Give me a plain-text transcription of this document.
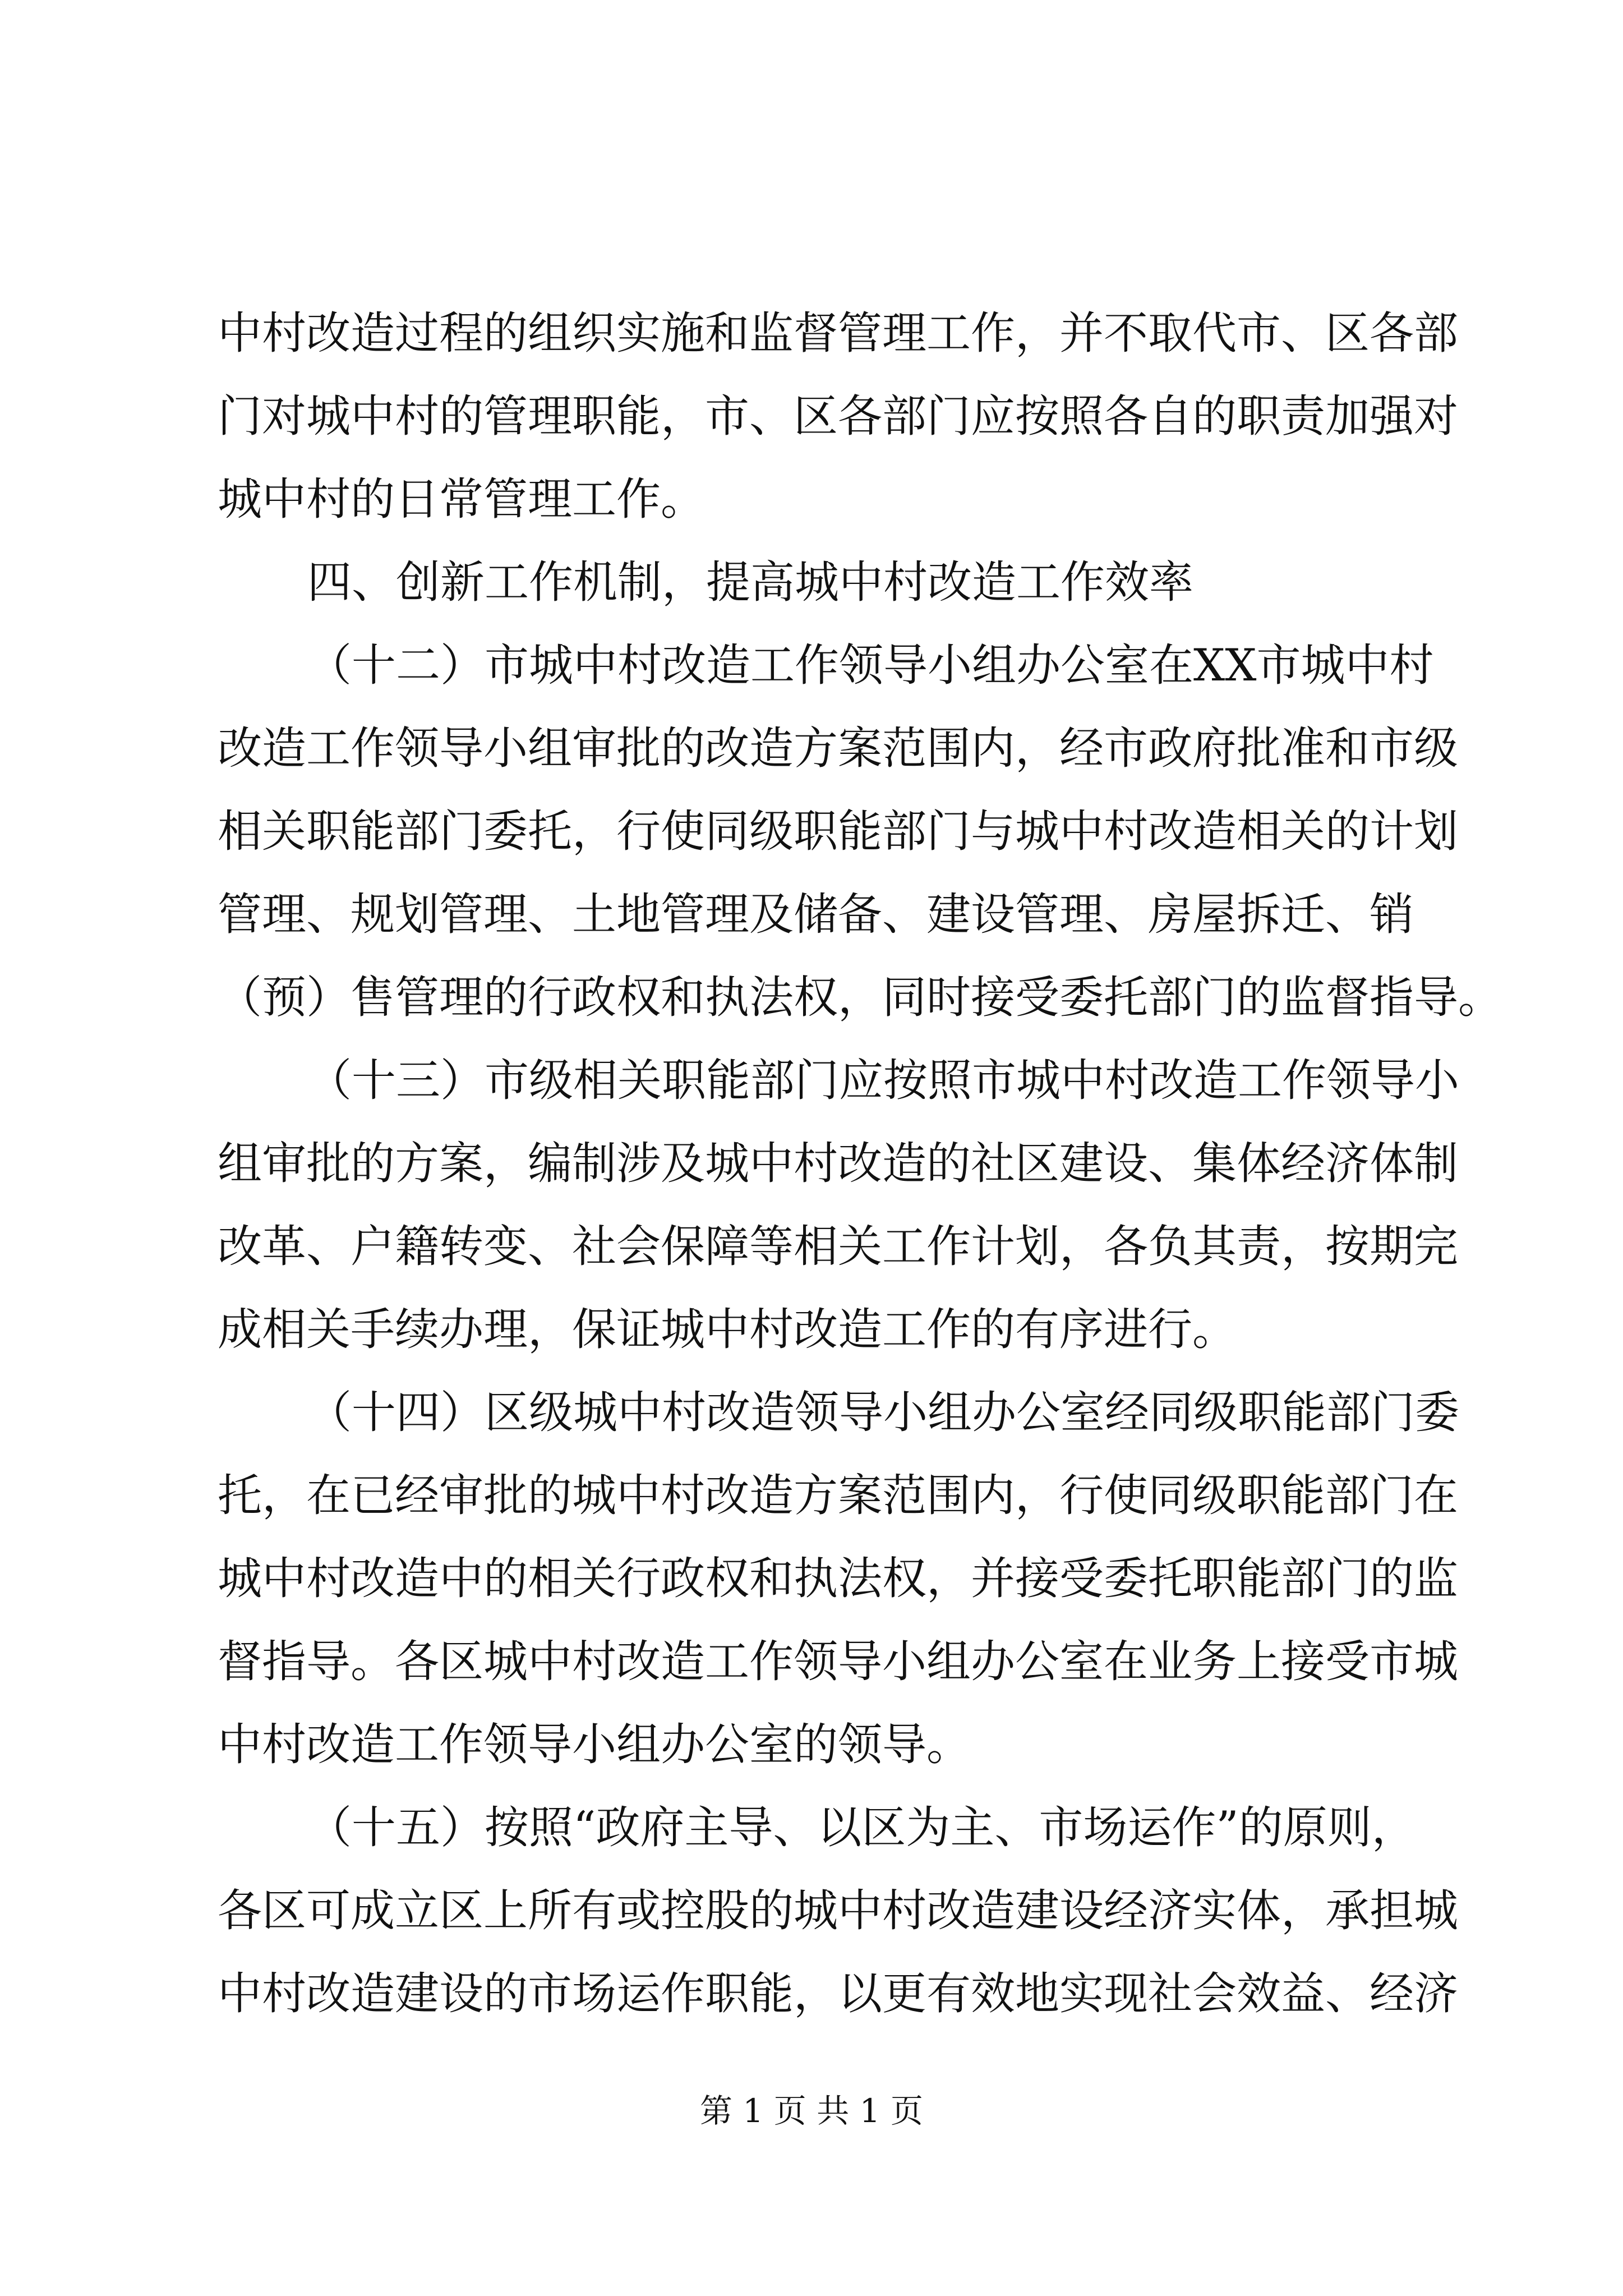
中村改造过程的组织实施和监督管理工作，并不取代市、区各部
门对城中村的管理职能，市、区各部门应按照各自的职责加强对
城中村的日常管理工作。
四、创新工作机制，提高城中村改造工作效率
（十二）市城中村改造工作领导小组办公室在XX市城中村
改造工作领导小组审批的改造方案范围内，经市政府批准和市级
相关职能部门委托，行使同级职能部门与城中村改造相关的计划
管理、规划管理、土地管理及储备、建设管理、房屋拆迁、销
（预）售管理的行政权和执法权，同时接受委托部门的监督指导。
（十三）市级相关职能部门应按照市城中村改造工作领导小
组审批的方案，编制涉及城中村改造的社区建设、集体经济体制
改革、户籍转变、社会保障等相关工作计划，各负其责，按期完
成相关手续办理，保证城中村改造工作的有序进行。
（十四）区级城中村改造领导小组办公室经同级职能部门委
托，在已经审批的城中村改造方案范围内，行使同级职能部门在
城中村改造中的相关行政权和执法权，并接受委托职能部门的监
督指导。各区城中村改造工作领导小组办公室在业务上接受市城
中村改造工作领导小组办公室的领导。
（十五）按照“政府主导、以区为主、市场运作”的原则，
各区可成立区上所有或控股的城中村改造建设经济实体，承担城
中村改造建设的市场运作职能，以更有效地实现社会效益、经济
第 1 页 共 1 页
